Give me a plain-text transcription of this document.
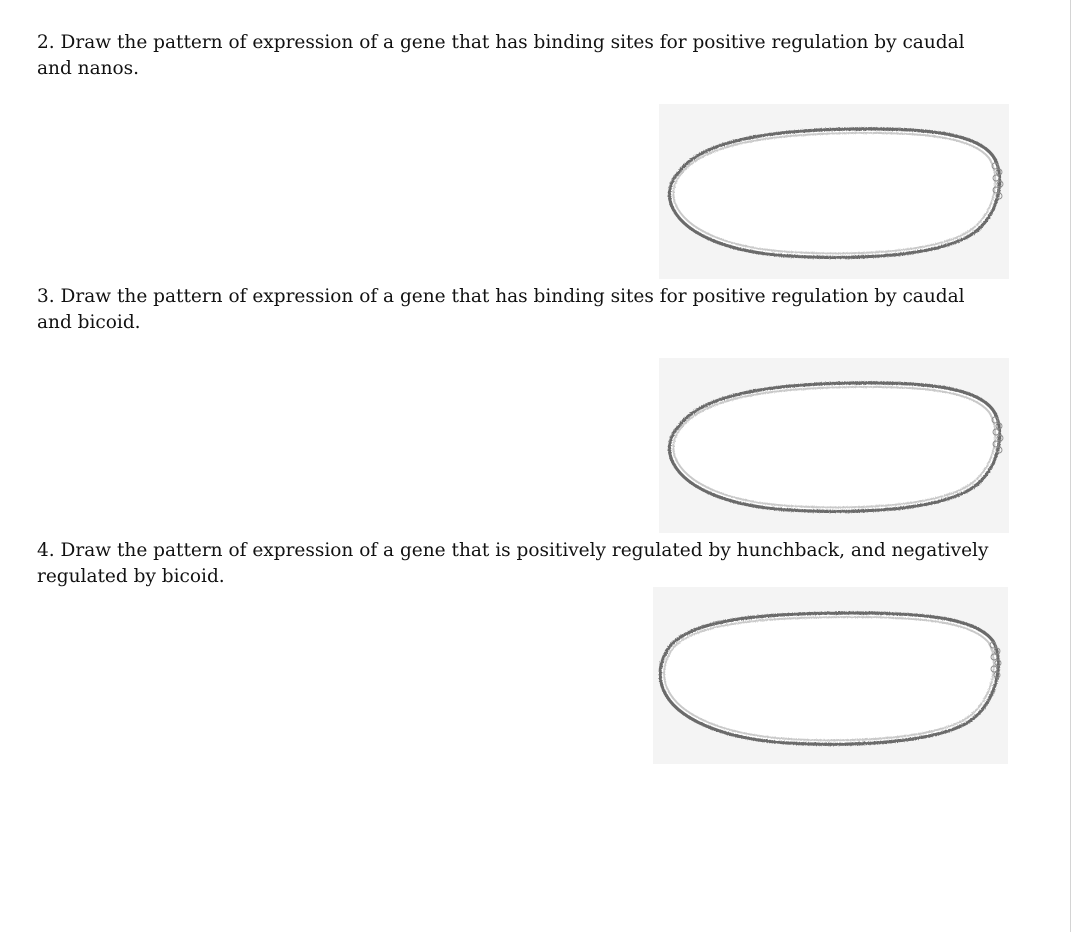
2. Draw the pattern of expression of a gene that has binding sites for positive regulation by caudal and nanos.

3. Draw the pattern of expression of a gene that has binding sites for positive regulation by caudal and bicoid.

4. Draw the pattern of expression of a gene that is positively regulated by hunchback, and negatively regulated by bicoid.
